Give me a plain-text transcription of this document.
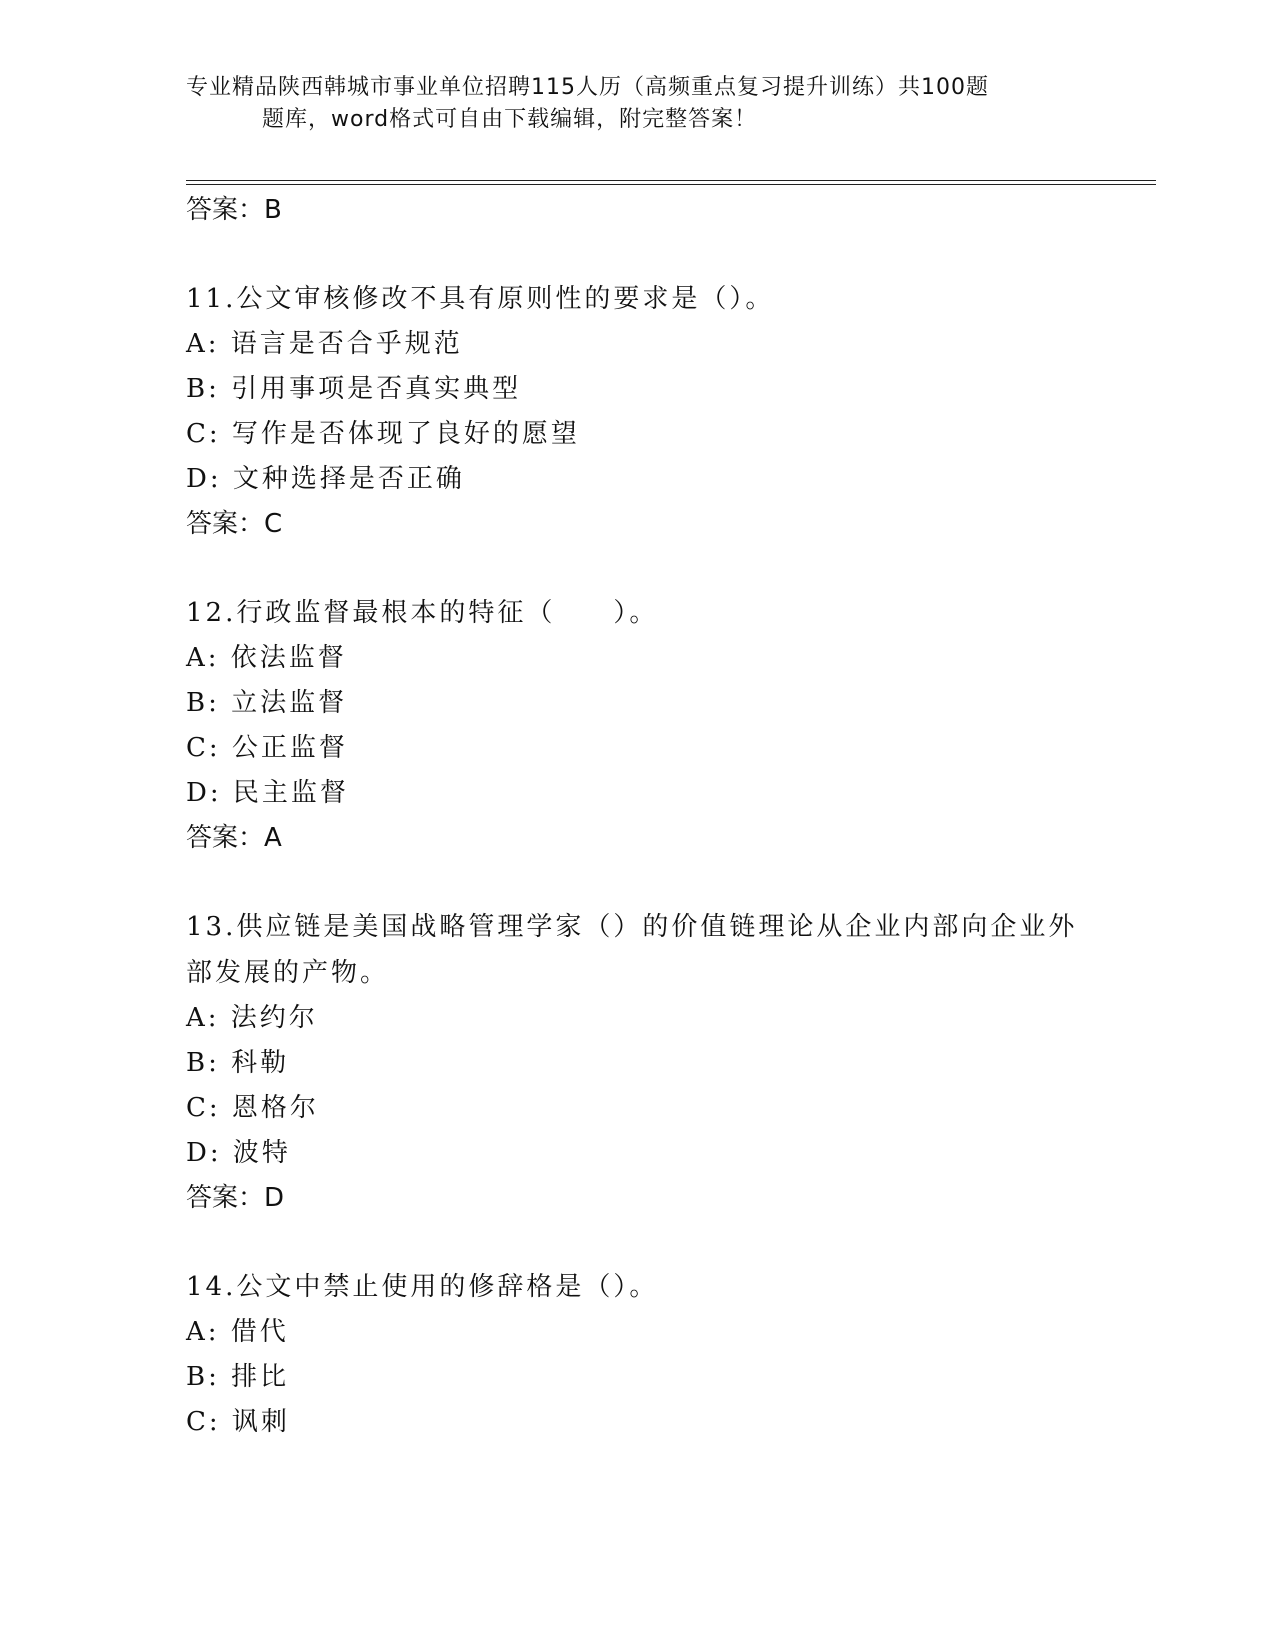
专业精品陕西韩城市事业单位招聘115人历（高频重点复习提升训练）共100题
题库，word格式可自由下载编辑，附完整答案！
答案：B
11.公文审核修改不具有原则性的要求是（）。
A: 语言是否合乎规范
B: 引用事项是否真实典型
C: 写作是否体现了良好的愿望
D: 文种选择是否正确
答案：C
12.行政监督最根本的特征（　　）。
A: 依法监督
B: 立法监督
C: 公正监督
D: 民主监督
答案：A
13.供应链是美国战略管理学家（）的价值链理论从企业内部向企业外部发展的产物。
A: 法约尔
B: 科勒
C: 恩格尔
D: 波特
答案：D
14.公文中禁止使用的修辞格是（）。
A: 借代
B: 排比
C: 讽刺
